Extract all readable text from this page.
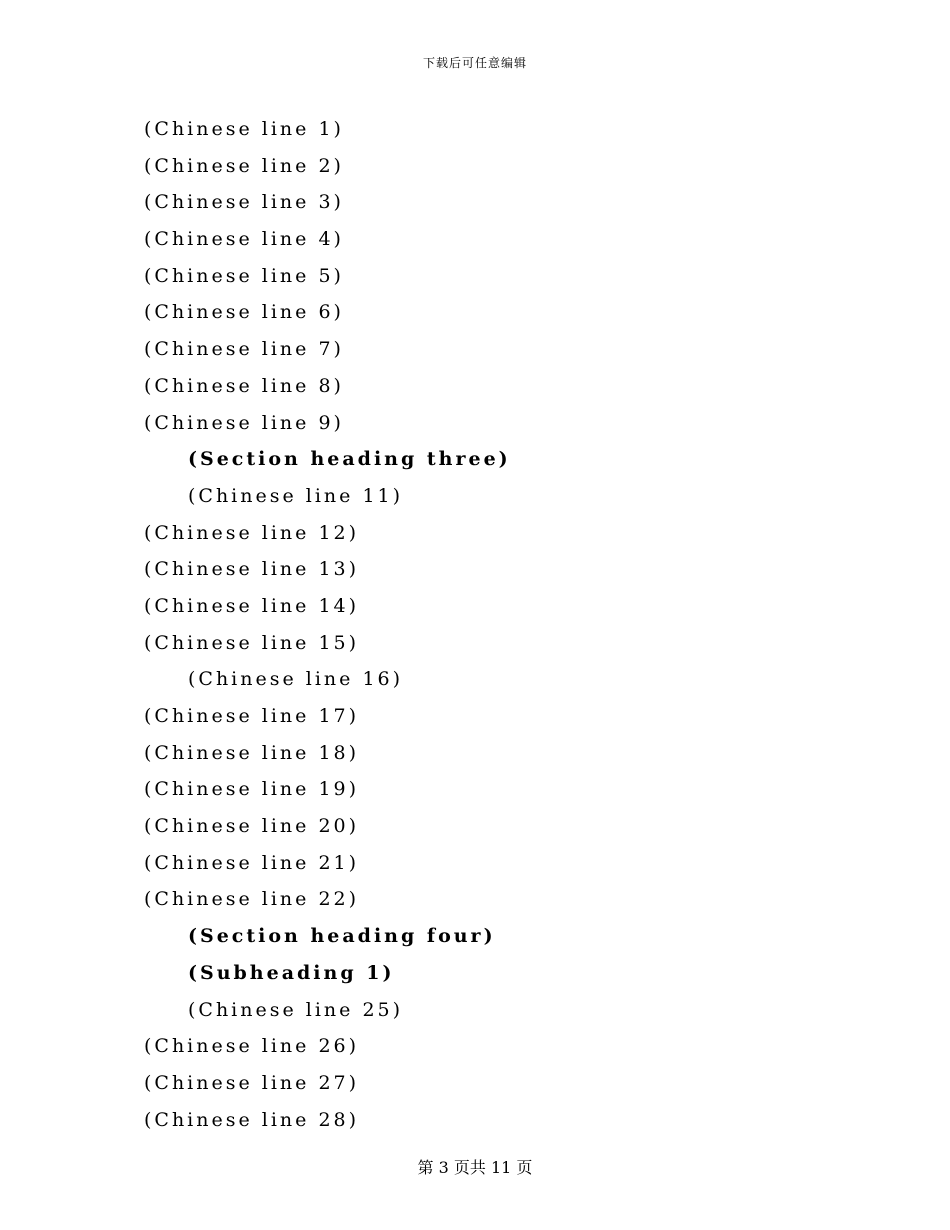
下载后可任意编辑
(Chinese line 1)
(Chinese line 2)
(Chinese line 3)
(Chinese line 4)
(Chinese line 5)
(Chinese line 6)
(Chinese line 7)
(Chinese line 8)
(Chinese line 9)
(Section heading three)
(Chinese line 11)
(Chinese line 12)
(Chinese line 13)
(Chinese line 14)
(Chinese line 15)
(Chinese line 16)
(Chinese line 17)
(Chinese line 18)
(Chinese line 19)
(Chinese line 20)
(Chinese line 21)
(Chinese line 22)
(Section heading four)
(Subheading 1)
(Chinese line 25)
(Chinese line 26)
(Chinese line 27)
(Chinese line 28)
第 3 页共 11 页
